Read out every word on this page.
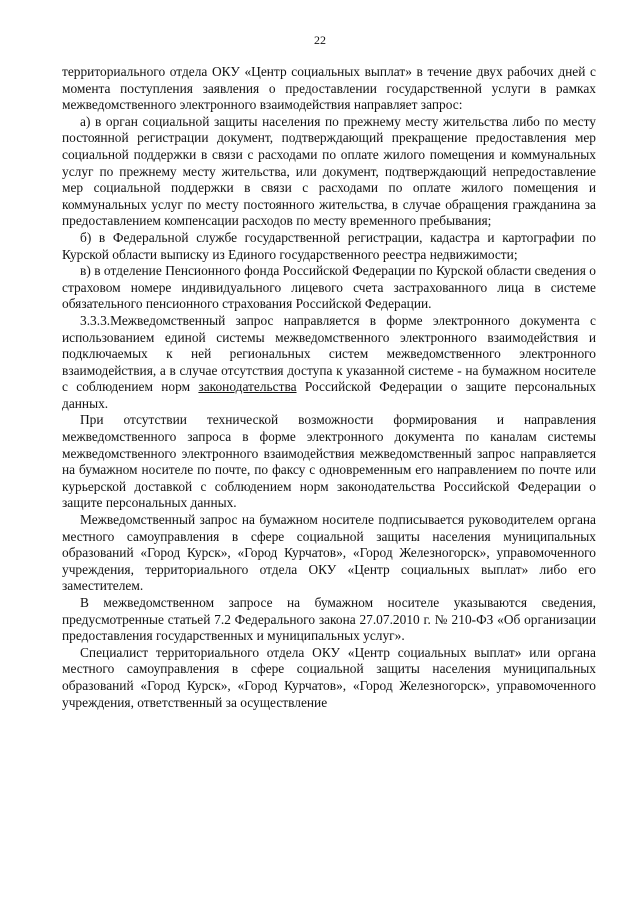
22

территориального отдела ОКУ «Центр социальных выплат» в течение двух рабочих дней с момента поступления заявления о предоставлении государственной услуги в рамках межведомственного электронного взаимодействия направляет запрос:

а) в орган социальной защиты населения по прежнему месту жительства либо по месту постоянной регистрации документ, подтверждающий прекращение предоставления мер социальной поддержки в связи с расходами по оплате жилого помещения и коммунальных услуг по прежнему месту жительства, или документ, подтверждающий непредоставление мер социальной поддержки в связи с расходами по оплате жилого помещения и коммунальных услуг по месту постоянного жительства, в случае обращения гражданина за предоставлением компенсации расходов по месту временного пребывания;

б) в Федеральной службе государственной регистрации, кадастра и картографии по Курской области выписку из Единого государственного реестра недвижимости;

в) в отделение Пенсионного фонда Российской Федерации по Курской области сведения о страховом номере индивидуального лицевого счета застрахованного лица в системе обязательного пенсионного страхования Российской Федерации.

3.3.3.Межведомственный запрос направляется в форме электронного документа с использованием единой системы межведомственного электронного взаимодействия и подключаемых к ней региональных систем межведомственного электронного взаимодействия, а в случае отсутствия доступа к указанной системе - на бумажном носителе с соблюдением норм законодательства Российской Федерации о защите персональных данных.

При отсутствии технической возможности формирования и направления межведомственного запроса в форме электронного документа по каналам системы межведомственного электронного взаимодействия межведомственный запрос направляется на бумажном носителе по почте, по факсу с одновременным его направлением по почте или курьерской доставкой с соблюдением норм законодательства Российской Федерации о защите персональных данных.

Межведомственный запрос на бумажном носителе подписывается руководителем органа местного самоуправления в сфере социальной защиты населения муниципальных образований «Город Курск», «Город Курчатов», «Город Железногорск», управомоченного учреждения, территориального отдела ОКУ «Центр социальных выплат» либо его заместителем.

В межведомственном запросе на бумажном носителе указываются сведения, предусмотренные статьей 7.2 Федерального закона 27.07.2010 г. № 210-ФЗ «Об организации предоставления государственных и муниципальных услуг».

Специалист территориального отдела ОКУ «Центр социальных выплат» или органа местного самоуправления в сфере социальной защиты населения муниципальных образований «Город Курск», «Город Курчатов», «Город Железногорск», управомоченного учреждения, ответственный за осуществление
